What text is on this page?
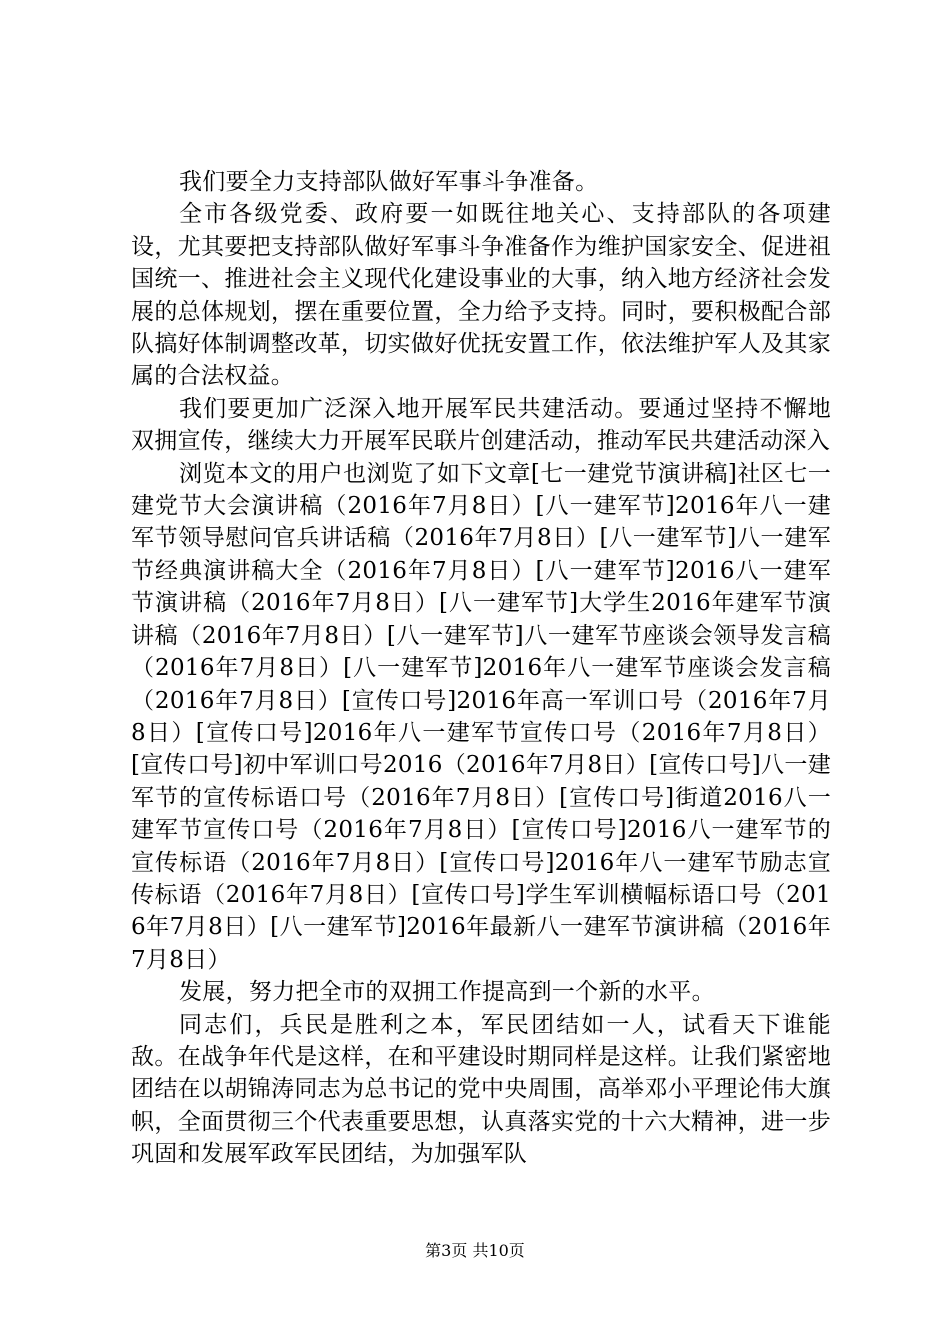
我们要全力支持部队做好军事斗争准备。

全市各级党委、政府要一如既往地关心、支持部队的各项建设，尤其要把支持部队做好军事斗争准备作为维护国家安全、促进祖国统一、推进社会主义现代化建设事业的大事，纳入地方经济社会发展的总体规划，摆在重要位置，全力给予支持。同时，要积极配合部队搞好体制调整改革，切实做好优抚安置工作，依法维护军人及其家属的合法权益。

我们要更加广泛深入地开展军民共建活动。要通过坚持不懈地双拥宣传，继续大力开展军民联片创建活动，推动军民共建活动深入

浏览本文的用户也浏览了如下文章[七一建党节演讲稿]社区七一建党节大会演讲稿（2016年7月8日）[八一建军节]2016年八一建军节领导慰问官兵讲话稿（2016年7月8日）[八一建军节]八一建军节经典演讲稿大全（2016年7月8日）[八一建军节]2016八一建军节演讲稿（2016年7月8日）[八一建军节]大学生2016年建军节演讲稿（2016年7月8日）[八一建军节]八一建军节座谈会领导发言稿（2016年7月8日）[八一建军节]2016年八一建军节座谈会发言稿（2016年7月8日）[宣传口号]2016年高一军训口号（2016年7月8日）[宣传口号]2016年八一建军节宣传口号（2016年7月8日）[宣传口号]初中军训口号2016（2016年7月8日）[宣传口号]八一建军节的宣传标语口号（2016年7月8日）[宣传口号]街道2016八一建军节宣传口号（2016年7月8日）[宣传口号]2016八一建军节的宣传标语（2016年7月8日）[宣传口号]2016年八一建军节励志宣传标语（2016年7月8日）[宣传口号]学生军训横幅标语口号（2016年7月8日）[八一建军节]2016年最新八一建军节演讲稿（2016年7月8日）

发展，努力把全市的双拥工作提高到一个新的水平。

同志们，兵民是胜利之本，军民团结如一人，试看天下谁能敌。在战争年代是这样，在和平建设时期同样是这样。让我们紧密地团结在以胡锦涛同志为总书记的党中央周围，高举邓小平理论伟大旗帜，全面贯彻三个代表重要思想，认真落实党的十六大精神，进一步巩固和发展军政军民团结，为加强军队

第3页 共10页
